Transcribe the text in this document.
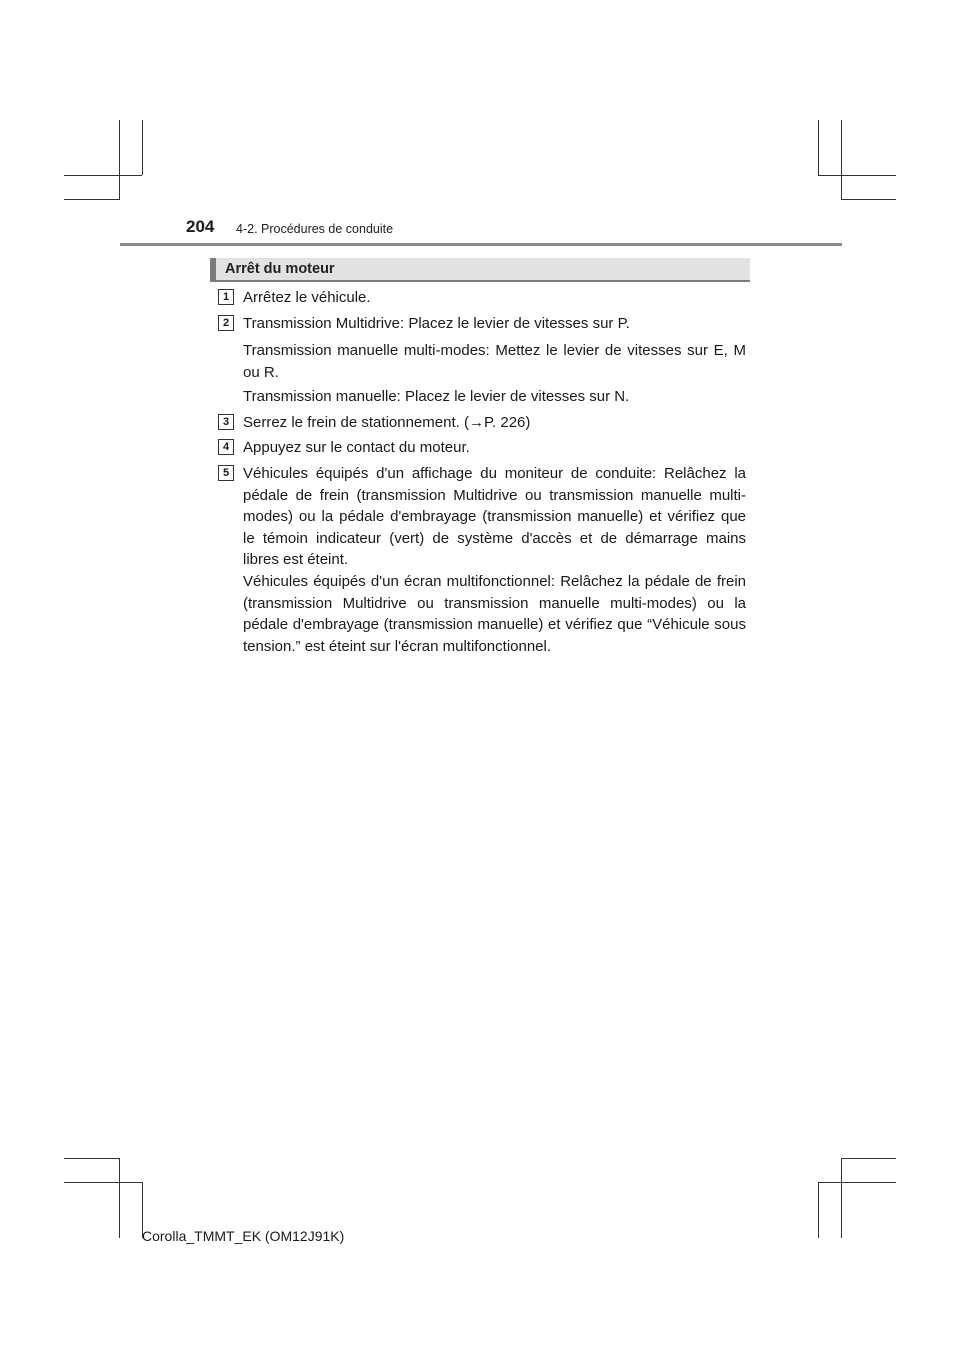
204 4-2. Procédures de conduite
Arrêt du moteur
1 Arrêtez le véhicule.
2 Transmission Multidrive: Placez le levier de vitesses sur P.
Transmission manuelle multi-modes: Mettez le levier de vitesses sur E, M ou R.
Transmission manuelle: Placez le levier de vitesses sur N.
3 Serrez le frein de stationnement. (→P. 226)
4 Appuyez sur le contact du moteur.
5 Véhicules équipés d'un affichage du moniteur de conduite: Relâchez la pédale de frein (transmission Multidrive ou transmission manuelle multi-modes) ou la pédale d'embrayage (transmission manuelle) et vérifiez que le témoin indicateur (vert) de système d'accès et de démarrage mains libres est éteint.
Véhicules équipés d'un écran multifonctionnel: Relâchez la pédale de frein (transmission Multidrive ou transmission manuelle multi-modes) ou la pédale d'embrayage (transmission manuelle) et vérifiez que “Véhicule sous tension.” est éteint sur l'écran multifonctionnel.
Corolla_TMMT_EK (OM12J91K)
